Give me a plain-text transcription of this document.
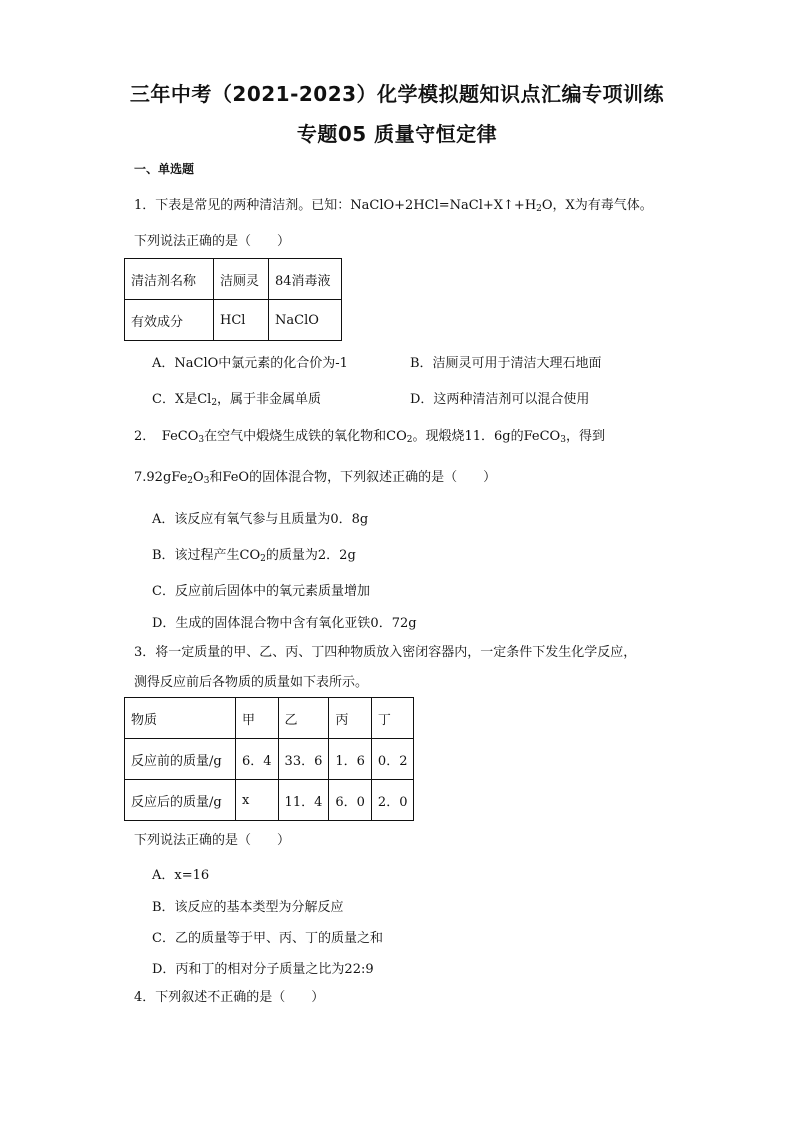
三年中考（2021-2023）化学模拟题知识点汇编专项训练
专题05 质量守恒定律
一、单选题
1．下表是常见的两种清洁剂。已知：$NaClO+2HCl=NaCl+X↑+H_2O$，X为有毒气体。
下列说法正确的是（　　）
清洁剂名称	洁厕灵	84消毒液
有效成分	HCl	NaClO
A．NaClO中氯元素的化合价为-1	B．洁厕灵可用于清洁大理石地面
C．X是$Cl_2$，属于非金属单质	D．这两种清洁剂可以混合使用
2．　FeCO$_3$在空气中煅烧生成铁的氧化物和$CO_2$。现煅烧11．6g的FeCO$_3$，得到
$7.92gFe_2O_3$和FeO的固体混合物，下列叙述正确的是（　　）
A．该反应有氧气参与且质量为0．8g
B．该过程产生$CO_2$的质量为2．2g
C．反应前后固体中的氧元素质量增加
D．生成的固体混合物中含有氧化亚铁0．72g
3．将一定质量的甲、乙、丙、丁四种物质放入密闭容器内，一定条件下发生化学反应，
测得反应前后各物质的质量如下表所示。
物质	甲	乙	丙	丁
反应前的质量/g	6．4	33．6	1．6	0．2
反应后的质量/g	x	11．4	6．0	2．0
下列说法正确的是（　　）
A．x=16
B．该反应的基本类型为分解反应
C．乙的质量等于甲、丙、丁的质量之和
D．丙和丁的相对分子质量之比为22:9
4．下列叙述不正确的是（　　）
